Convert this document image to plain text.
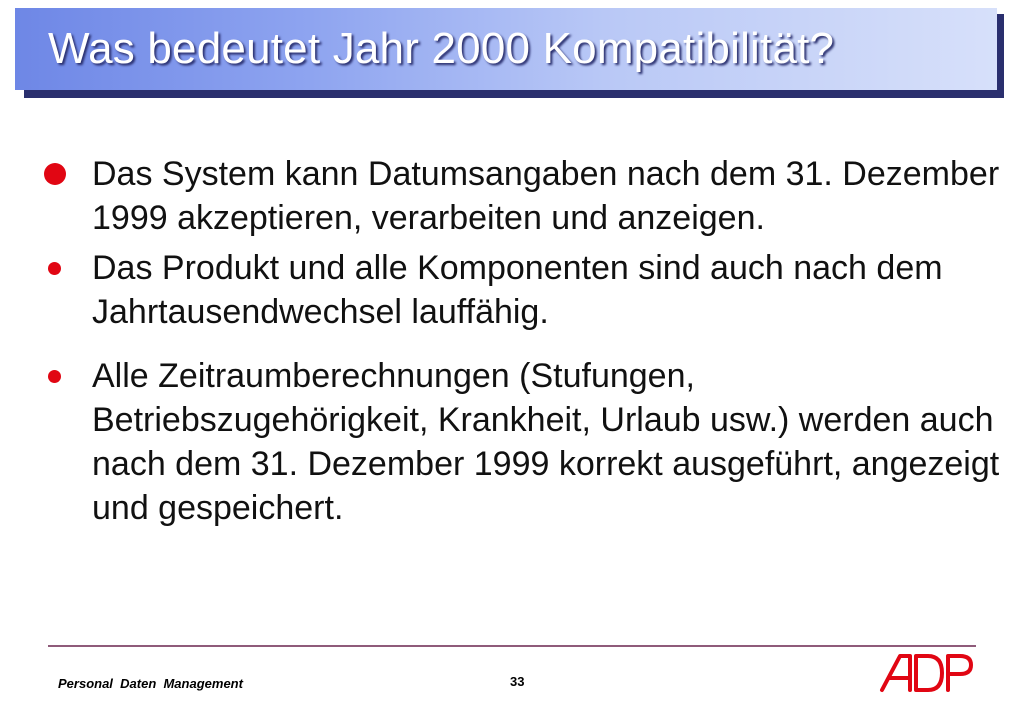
Was bedeutet Jahr 2000 Kompatibilität?
Das System kann Datumsangaben nach dem 31. Dezember 1999 akzeptieren, verarbeiten und anzeigen.
Das Produkt und alle Komponenten sind auch nach dem Jahrtausendwechsel lauffähig.
Alle Zeitraumberechnungen (Stufungen, Betriebszugehörigkeit, Krankheit, Urlaub usw.) werden auch nach dem 31. Dezember 1999 korrekt ausgeführt, angezeigt und gespeichert.
Personal  Daten  Management	33
